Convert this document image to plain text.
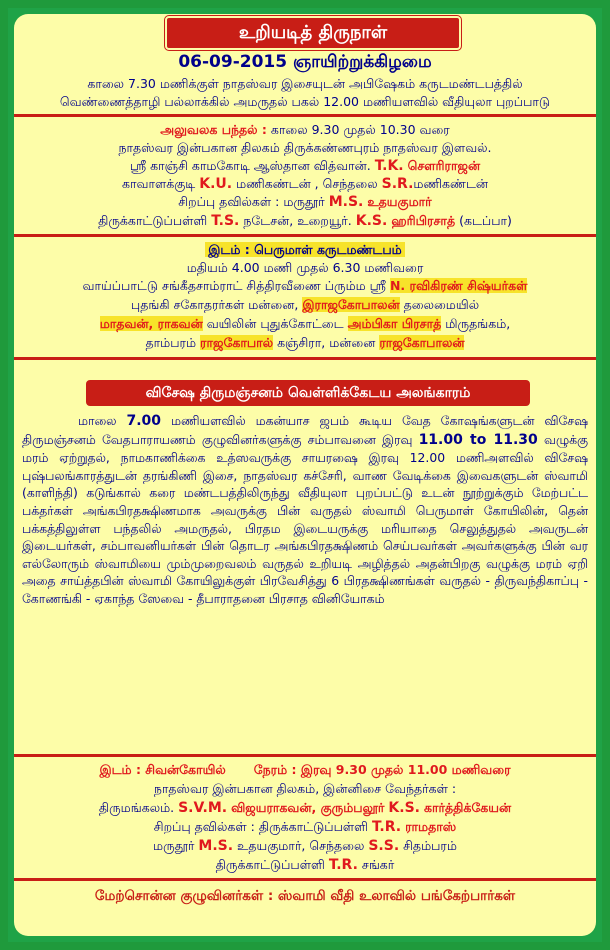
உறியடித் திருநாள்
06-09-2015 ஞாயிற்றுக்கிழமை
காலை 7.30 மணிக்குள் நாதஸ்வர இசையுடன் அபிஷேகம் கருடமண்டபத்தில்
வெண்ணைத்தாழி பல்லாக்கில் அமருதல் பகல் 12.00 மணியளவில் வீதியுலா புறப்பாடு
அலுவலக பந்தல் : காலை 9.30 முதல் 10.30 வரை
நாதஸ்வர இன்பகான திலகம் திருக்கண்ணபுரம் நாதஸ்வர இளவல்.
ஸ்ரீ காஞ்சி காமகோடி ஆஸ்தான வித்வான். T.K. சௌரிராஜன்
காவாளக்குடி K.U. மணிகண்டன் , செந்தலை S.R.மணிகண்டன்
சிறப்பு தவில்கள் : மருதூர் M.S. உதயகுமார்
திருக்காட்டுப்பள்ளி T.S. நடேசன், உறையூர். K.S. ஹரிபிரசாத் (கடப்பா)
இடம் : பெருமாள் கருடமண்டபம்
மதியம் 4.00 மணி முதல் 6.30 மணிவரை
வாய்ப்பாட்டு சங்கீதசாம்ராட் சித்திரவீணை ப்ரும்ம ஸ்ரீ N. ரவிகிரண் சிஷ்யர்கள்
புதங்கி சகோதரர்கள் மன்னை, இராஜகோபாலன் தலைமையில்
மாதவன், ராகவன் வயிலின் புதுக்கோட்டை அம்பிகா பிரசாத் மிருதங்கம்,
தாம்பரம் ராஜகோபால் கஞ்சிரா, மன்னை ராஜகோபாலன்
விசேஷ திருமஞ்சனம் வெள்ளிக்கேடய அலங்காரம்
மாலை 7.00 மணியளவில் மகன்யாச ஜபம் கூடிய வேத கோஷங்களுடன் விசேஷ திருமஞ்சனம் வேதபாராயணம் குழுவினர்களுக்கு சம்பாவனை இரவு 11.00 to 11.30 வழுக்கு மரம் ஏற்றுதல், நாமகாணிக்கை உத்ஸவருக்கு சாயரஷை இரவு 12.00 மணிஅளவில் விசேஷ புஷ்பலங்காரத்துடன் தரங்கிணி இசை, நாதஸ்வர கச்சேரி, வாண வேடிக்கை இவைகளுடன் ஸ்வாமி (காளிந்தி) கடுங்கால் கரை மண்டபத்திலிருந்து வீதியுலா புறப்பட்டு உடன் நூற்றுக்கும் மேற்பட்ட பக்தர்கள் அங்கபிரதக்ஷிணமாக அவருக்கு பின் வருதல் ஸ்வாமி பெருமாள் கோயிலின், தென் பக்கத்திலுள்ள பந்தலில் அமருதல், பிரதம இடையருக்கு மரியாதை செலுத்துதல் அவருடன் இடையர்கள், சம்பாவனியர்கள் பின் தொடர அங்கபிரதக்ஷிணம் செய்பவர்கள் அவர்களுக்கு பின் வர எல்லோரும் ஸ்வாமியை மும்முறைவலம் வருதல் உறியடி அழித்தல் அதன்பிறகு வழுக்கு மரம் ஏறி அதை சாய்த்தபின் ஸ்வாமி கோயிலுக்குள் பிரவேசித்து 6 பிரதக்ஷிணங்கள் வருதல் - திருவந்திகாப்பு - கோணங்கி - ஏகாந்த ஸேவை - தீபாராதனை பிரசாத வினியோகம்
இடம் : சிவன்கோயில் நேரம் : இரவு 9.30 முதல் 11.00 மணிவரை
நாதஸ்வர இன்பகான திலகம், இன்னிசை வேந்தர்கள் :
திருமங்கலம். S.V.M. விஜயராகவன், குரும்பலூர் K.S. கார்த்திக்கேயன்
சிறப்பு தவில்கள் : திருக்காட்டுப்பள்ளி T.R. ராமதாஸ்
மருதூர் M.S. உதயகுமார், செந்தலை S.S. சிதம்பரம்
திருக்காட்டுப்பள்ளி T.R. சங்கர்
மேற்சொன்ன குழுவினர்கள் : ஸ்வாமி வீதி உலாவில் பங்கேற்பார்கள்
